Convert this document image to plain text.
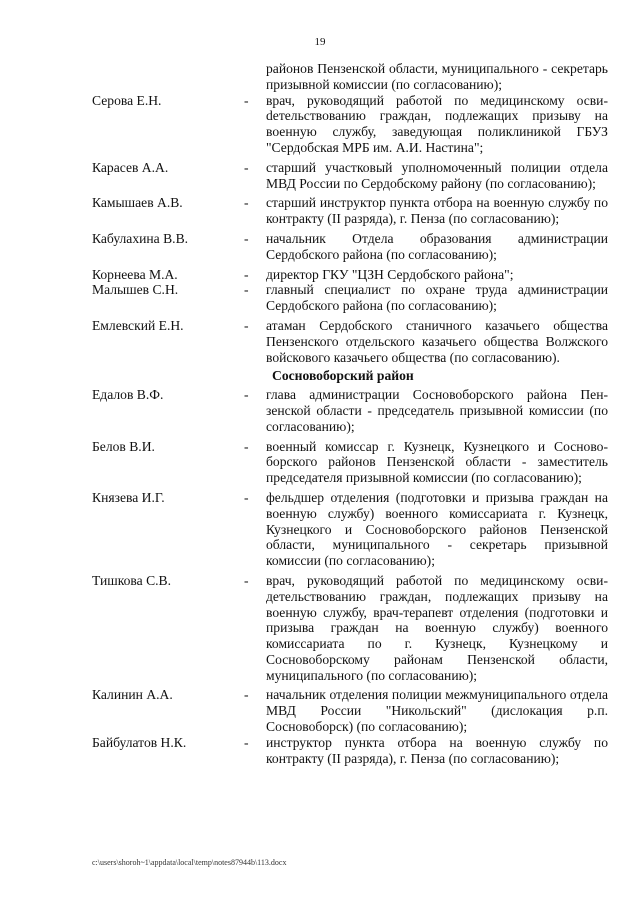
19
районов Пензенской области, муниципального - секретарь призывной комиссии (по согласованию);
Серова Е.Н.	-	врач, руководящий работой по медицинскому освиdетельствованию граждан, подлежащих призыву на военную службу, заведующая поликлиникой ГБУЗ "Сердобская МРБ им. А.И. Настина";
Карасев А.А.	-	старший участковый уполномоченный полиции отдела МВД России по Сердобскому району (по согласованию);
Камышаев А.В.	-	старший инструктор пункта отбора на военную службу по контракту (II разряда), г. Пенза (по согласованию);
Кабулахина В.В.	-	начальник Отдела образования администрации Сердобского района (по согласованию);
Корнеева М.А.	-	директор ГКУ "ЦЗН Сердобского района";
Малышев С.Н.	-	главный специалист по охране труда администрации Сердобского района (по согласованию);
Емлевский Е.Н.	-	атаман Сердобского станичного казачьего общества Пензенского отдельского казачьего общества Волжского войскового казачьего общества (по согласованию).
Сосновоборский район
Едалов В.Ф.	-	глава администрации Сосновоборского района Пензенской области - председатель призывной комиссии (по согласованию);
Белов В.И.	-	военный комиссар г. Кузнецк, Кузнецкого и Сосновоборского районов Пензенской области - заместитель председателя призывной комиссии (по согласованию);
Князева И.Г.	-	фельдшер отделения (подготовки и призыва граждан на военную службу) военного комиссариата г. Кузнецк, Кузнецкого и Сосновоборского районов Пензенской области, муниципального - секретарь призывной комиссии (по согласованию);
Тишкова С.В.	-	врач, руководящий работой по медицинскому освидетельствованию граждан, подлежащих призыву на военную службу, врач-терапевт отделения (подготовки и призыва граждан на военную службу) военного комиссариата по г. Кузнецк, Кузнецкому и Сосновоборскому районам Пензенской области, муниципального (по согласованию);
Калинин А.А.	-	начальник отделения полиции межмуниципального отдела МВД России "Никольский" (дислокация р.п. Сосновоборск) (по согласованию);
Байбулатов Н.К.	-	инструктор пункта отбора на военную службу по контракту (II разряда), г. Пенза (по согласованию);
c:\users\shoroh~1\appdata\local\temp\notes87944b\113.docx
